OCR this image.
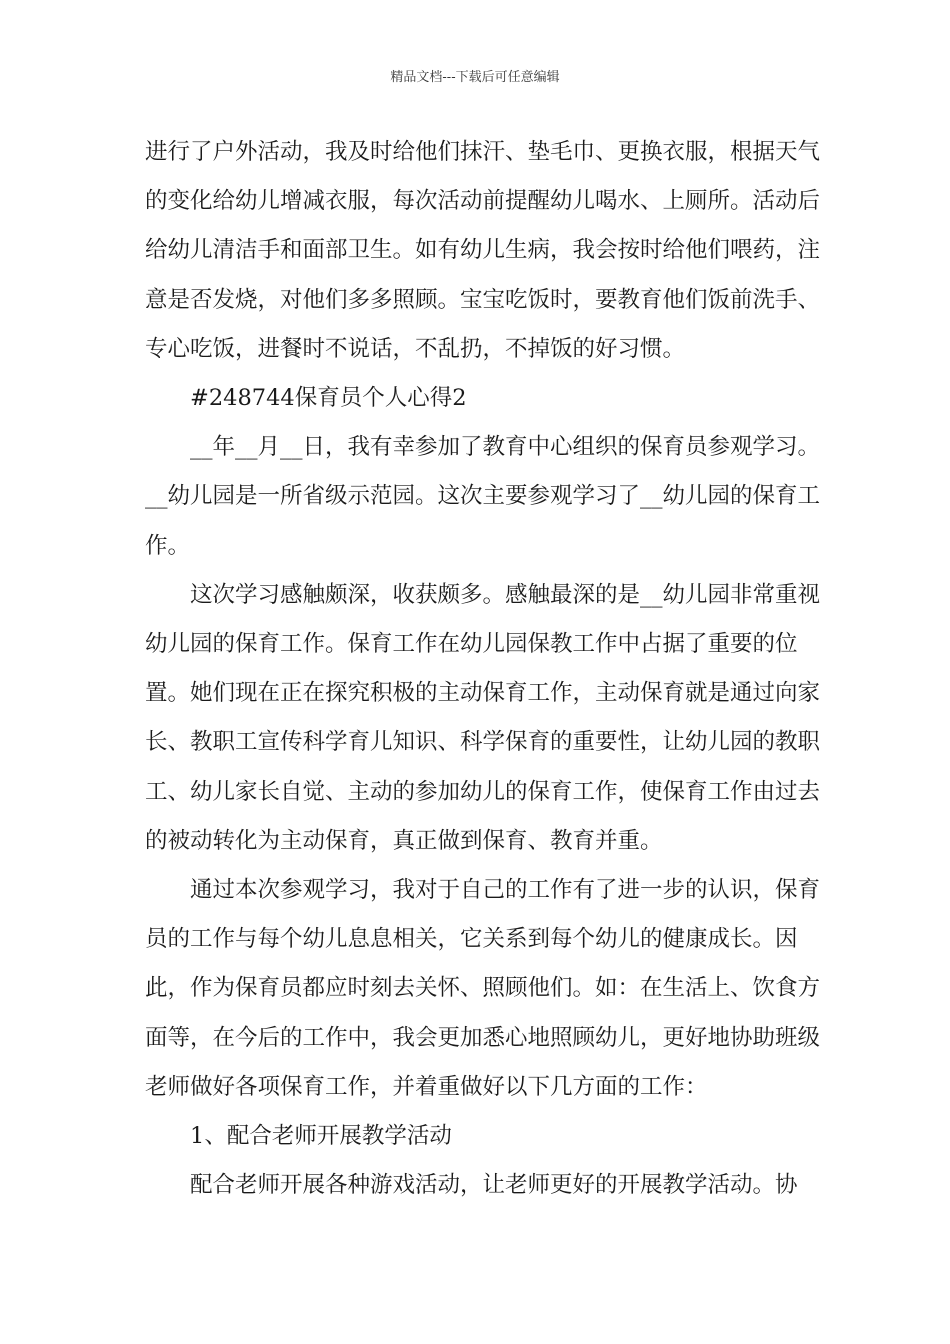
精品文档---下载后可任意编辑

进行了户外活动，我及时给他们抹汗、垫毛巾、更换衣服，根据天气的变化给幼儿增减衣服，每次活动前提醒幼儿喝水、上厕所。活动后给幼儿清洁手和面部卫生。如有幼儿生病，我会按时给他们喂药，注意是否发烧，对他们多多照顾。宝宝吃饭时，要教育他们饭前洗手、专心吃饭，进餐时不说话，不乱扔，不掉饭的好习惯。

#248744保育员个人心得2

__年__月__日，我有幸参加了教育中心组织的保育员参观学习。__幼儿园是一所省级示范园。这次主要参观学习了__幼儿园的保育工作。

这次学习感触颇深，收获颇多。感触最深的是__幼儿园非常重视幼儿园的保育工作。保育工作在幼儿园保教工作中占据了重要的位置。她们现在正在探究积极的主动保育工作，主动保育就是通过向家长、教职工宣传科学育儿知识、科学保育的重要性，让幼儿园的教职工、幼儿家长自觉、主动的参加幼儿的保育工作，使保育工作由过去的被动转化为主动保育，真正做到保育、教育并重。

通过本次参观学习，我对于自己的工作有了进一步的认识，保育员的工作与每个幼儿息息相关，它关系到每个幼儿的健康成长。因此，作为保育员都应时刻去关怀、照顾他们。如：在生活上、饮食方面等，在今后的工作中，我会更加悉心地照顾幼儿，更好地协助班级老师做好各项保育工作，并着重做好以下几方面的工作：

1、配合老师开展教学活动

配合老师开展各种游戏活动，让老师更好的开展教学活动。协
